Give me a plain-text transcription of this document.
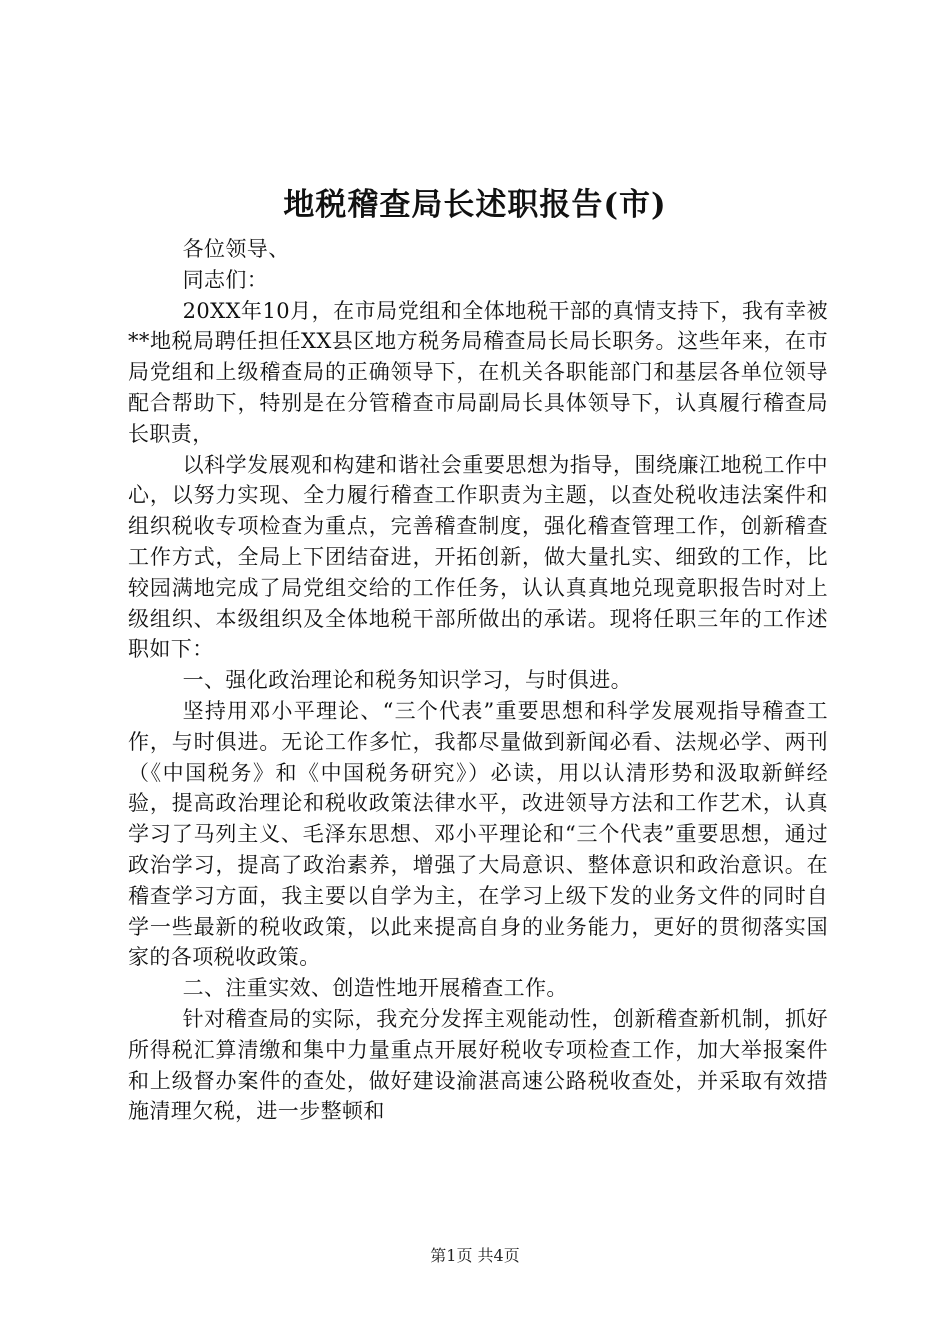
地税稽查局长述职报告(市)

各位领导、

同志们：

20XX年10月，在市局党组和全体地税干部的真情支持下，我有幸被**地税局聘任担任XX县区地方税务局稽查局长局长职务。这些年来，在市局党组和上级稽查局的正确领导下，在机关各职能部门和基层各单位领导配合帮助下，特别是在分管稽查市局副局长具体领导下，认真履行稽查局长职责，

以科学发展观和构建和谐社会重要思想为指导，围绕廉江地税工作中心，以努力实现、全力履行稽查工作职责为主题，以查处税收违法案件和组织税收专项检查为重点，完善稽查制度，强化稽查管理工作，创新稽查工作方式，全局上下团结奋进，开拓创新，做大量扎实、细致的工作，比较园满地完成了局党组交给的工作任务，认认真真地兑现竟职报告时对上级组织、本级组织及全体地税干部所做出的承诺。现将任职三年的工作述职如下：

一、强化政治理论和税务知识学习，与时俱进。

坚持用邓小平理论、“三个代表”重要思想和科学发展观指导稽查工作，与时俱进。无论工作多忙，我都尽量做到新闻必看、法规必学、两刊（《中国税务》和《中国税务研究》）必读，用以认清形势和汲取新鲜经验，提高政治理论和税收政策法律水平，改进领导方法和工作艺术，认真学习了马列主义、毛泽东思想、邓小平理论和“三个代表”重要思想，通过政治学习，提高了政治素养，增强了大局意识、整体意识和政治意识。在稽查学习方面，我主要以自学为主，在学习上级下发的业务文件的同时自学一些最新的税收政策，以此来提高自身的业务能力，更好的贯彻落实国家的各项税收政策。

二、注重实效、创造性地开展稽查工作。

针对稽查局的实际，我充分发挥主观能动性，创新稽查新机制，抓好所得税汇算清缴和集中力量重点开展好税收专项检查工作，加大举报案件和上级督办案件的查处，做好建设渝湛高速公路税收查处，并采取有效措施清理欠税，进一步整顿和

第1页 共4页
